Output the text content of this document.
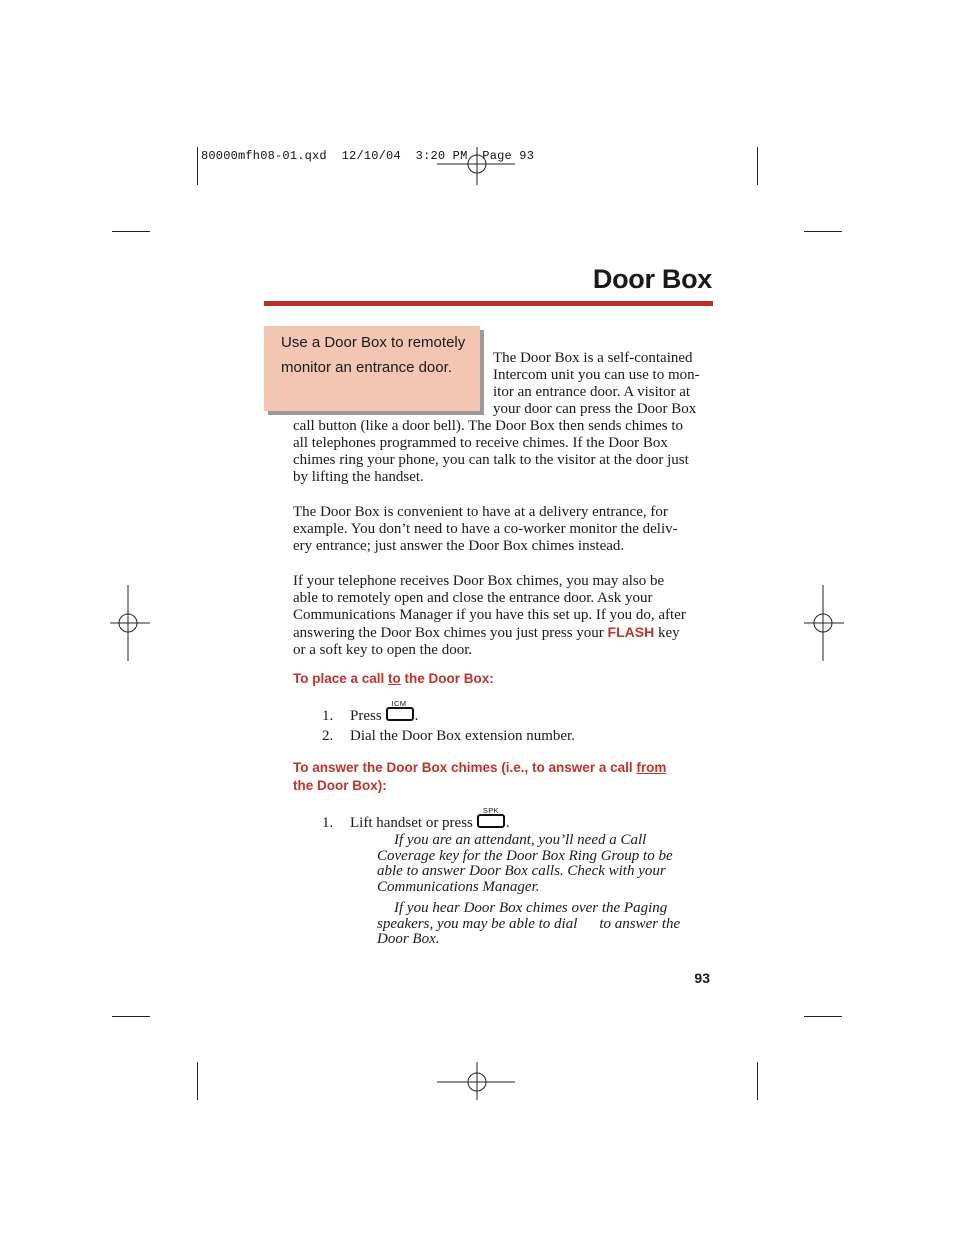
80000mfh08-01.qxd 12/10/04 3:20 PM Page 93
Door Box
Use a Door Box to remotely monitor an entrance door.
The Door Box is a self-contained
Intercom unit you can use to mon-
itor an entrance door. A visitor at
your door can press the Door Box
call button (like a door bell). The Door Box then sends chimes to
all telephones programmed to receive chimes. If the Door Box
chimes ring your phone, you can talk to the visitor at the door just
by lifting the handset.
The Door Box is convenient to have at a delivery entrance, for
example. You don’t need to have a co-worker monitor the deliv-
ery entrance; just answer the Door Box chimes instead.
If your telephone receives Door Box chimes, you may also be
able to remotely open and close the entrance door. Ask your
Communications Manager if you have this set up. If you do, after
answering the Door Box chimes you just press your FLASH key
or a soft key to open the door.
To place a call to the Door Box:
1. Press
ICM
.
2. Dial the Door Box extension number.
To answer the Door Box chimes (i.e., to answer a call from
the Door Box):
1. Lift handset or press
SPK
.
If you are an attendant, you’ll need a Call
Coverage key for the Door Box Ring Group to be
able to answer Door Box calls. Check with your
Communications Manager.
If you hear Door Box chimes over the Paging
speakers, you may be able to dial to answer the
Door Box.
93
